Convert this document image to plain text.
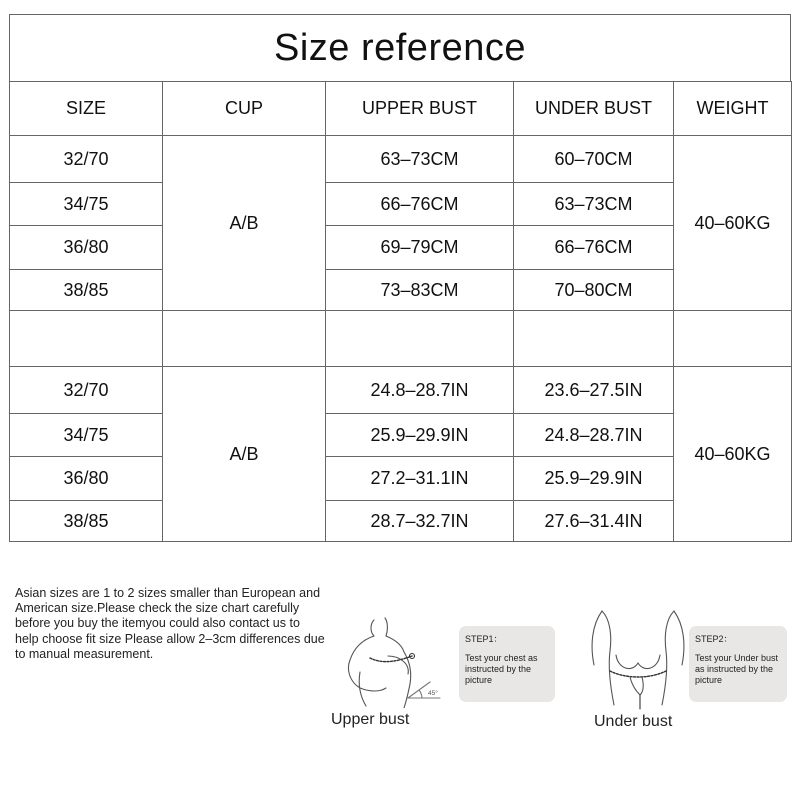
Size reference
SIZE	CUP	UPPER BUST	UNDER BUST	WEIGHT
32/70	A/B	63–73CM	60–70CM	40–60KG
34/75		66–76CM	63–73CM	
36/80		69–79CM	66–76CM	
38/85		73–83CM	70–80CM	

32/70	A/B	24.8–28.7IN	23.6–27.5IN	40–60KG
34/75		25.9–29.9IN	24.8–28.7IN	
36/80		27.2–31.1IN	25.9–29.9IN	
38/85		28.7–32.7IN	27.6–31.4IN	

Asian sizes are 1 to 2 sizes smaller than European and American size.Please check the size chart carefully before you buy the itemyou could also contact us to help choose fit size Please allow 2–3cm differences due to manual measurement.

45°
Upper bust
STEP1：
Test your chest as instructed by the picture
Under bust
STEP2：
Test your Under bust as instructed by the picture
